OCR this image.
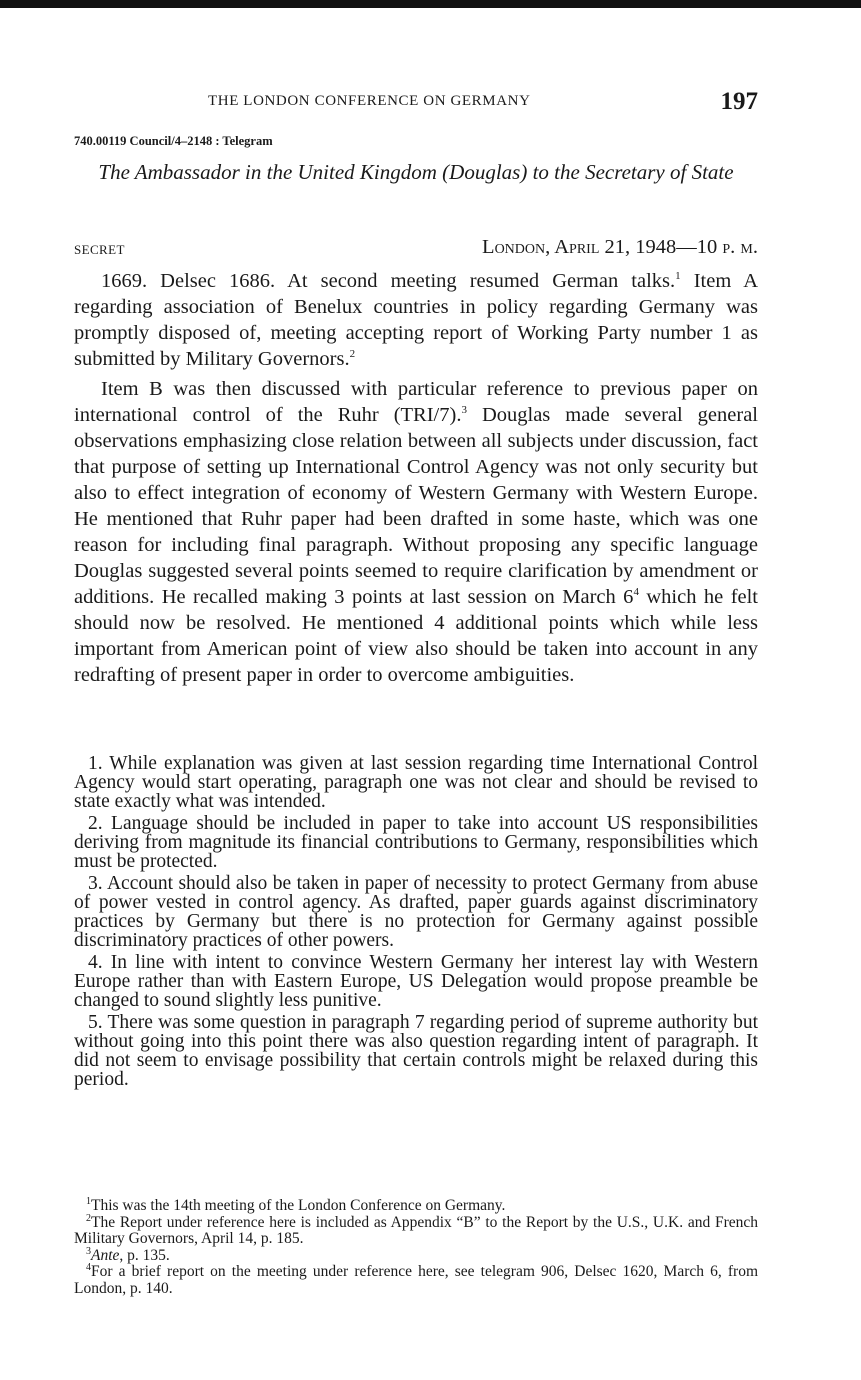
THE LONDON CONFERENCE ON GERMANY	197
740.00119 Council/4–2148 : Telegram
The Ambassador in the United Kingdom (Douglas) to the Secretary of State
SECRET	London, April 21, 1948—10 p. m.

1669. Delsec 1686. At second meeting resumed German talks.$^1$ Item A regarding association of Benelux countries in policy regarding Germany was promptly disposed of, meeting accepting report of Working Party number 1 as submitted by Military Governors.$^2$

Item B was then discussed with particular reference to previous paper on international control of the Ruhr (TRI/7).$^3$ Douglas made several general observations emphasizing close relation between all subjects under discussion, fact that purpose of setting up International Control Agency was not only security but also to effect integration of economy of Western Germany with Western Europe. He mentioned that Ruhr paper had been drafted in some haste, which was one reason for including final paragraph. Without proposing any specific language Douglas suggested several points seemed to require clarification by amendment or additions. He recalled making 3 points at last session on March $6^4$ which he felt should now be resolved. He mentioned 4 additional points which while less important from American point of view also should be taken into account in any redrafting of present paper in order to overcome ambiguities.

1. While explanation was given at last session regarding time International Control Agency would start operating, paragraph one was not clear and should be revised to state exactly what was intended.

2. Language should be included in paper to take into account US responsibilities deriving from magnitude its financial contributions to Germany, responsibilities which must be protected.

3. Account should also be taken in paper of necessity to protect Germany from abuse of power vested in control agency. As drafted, paper guards against discriminatory practices by Germany but there is no protection for Germany against possible discriminatory practices of other powers.

4. In line with intent to convince Western Germany her interest lay with Western Europe rather than with Eastern Europe, US Delegation would propose preamble be changed to sound slightly less punitive.

5. There was some question in paragraph 7 regarding period of supreme authority but without going into this point there was also question regarding intent of paragraph. It did not seem to envisage possibility that certain controls might be relaxed during this period.

$^1$This was the 14th meeting of the London Conference on Germany.

$^2$The Report under reference here is included as Appendix “B” to the Report by the U.S., U.K. and French Military Governors, April 14, p. 185.

$^3$Ante, p. 135.

$^4$For a brief report on the meeting under reference here, see telegram 906, Delsec 1620, March 6, from London, p. 140.
